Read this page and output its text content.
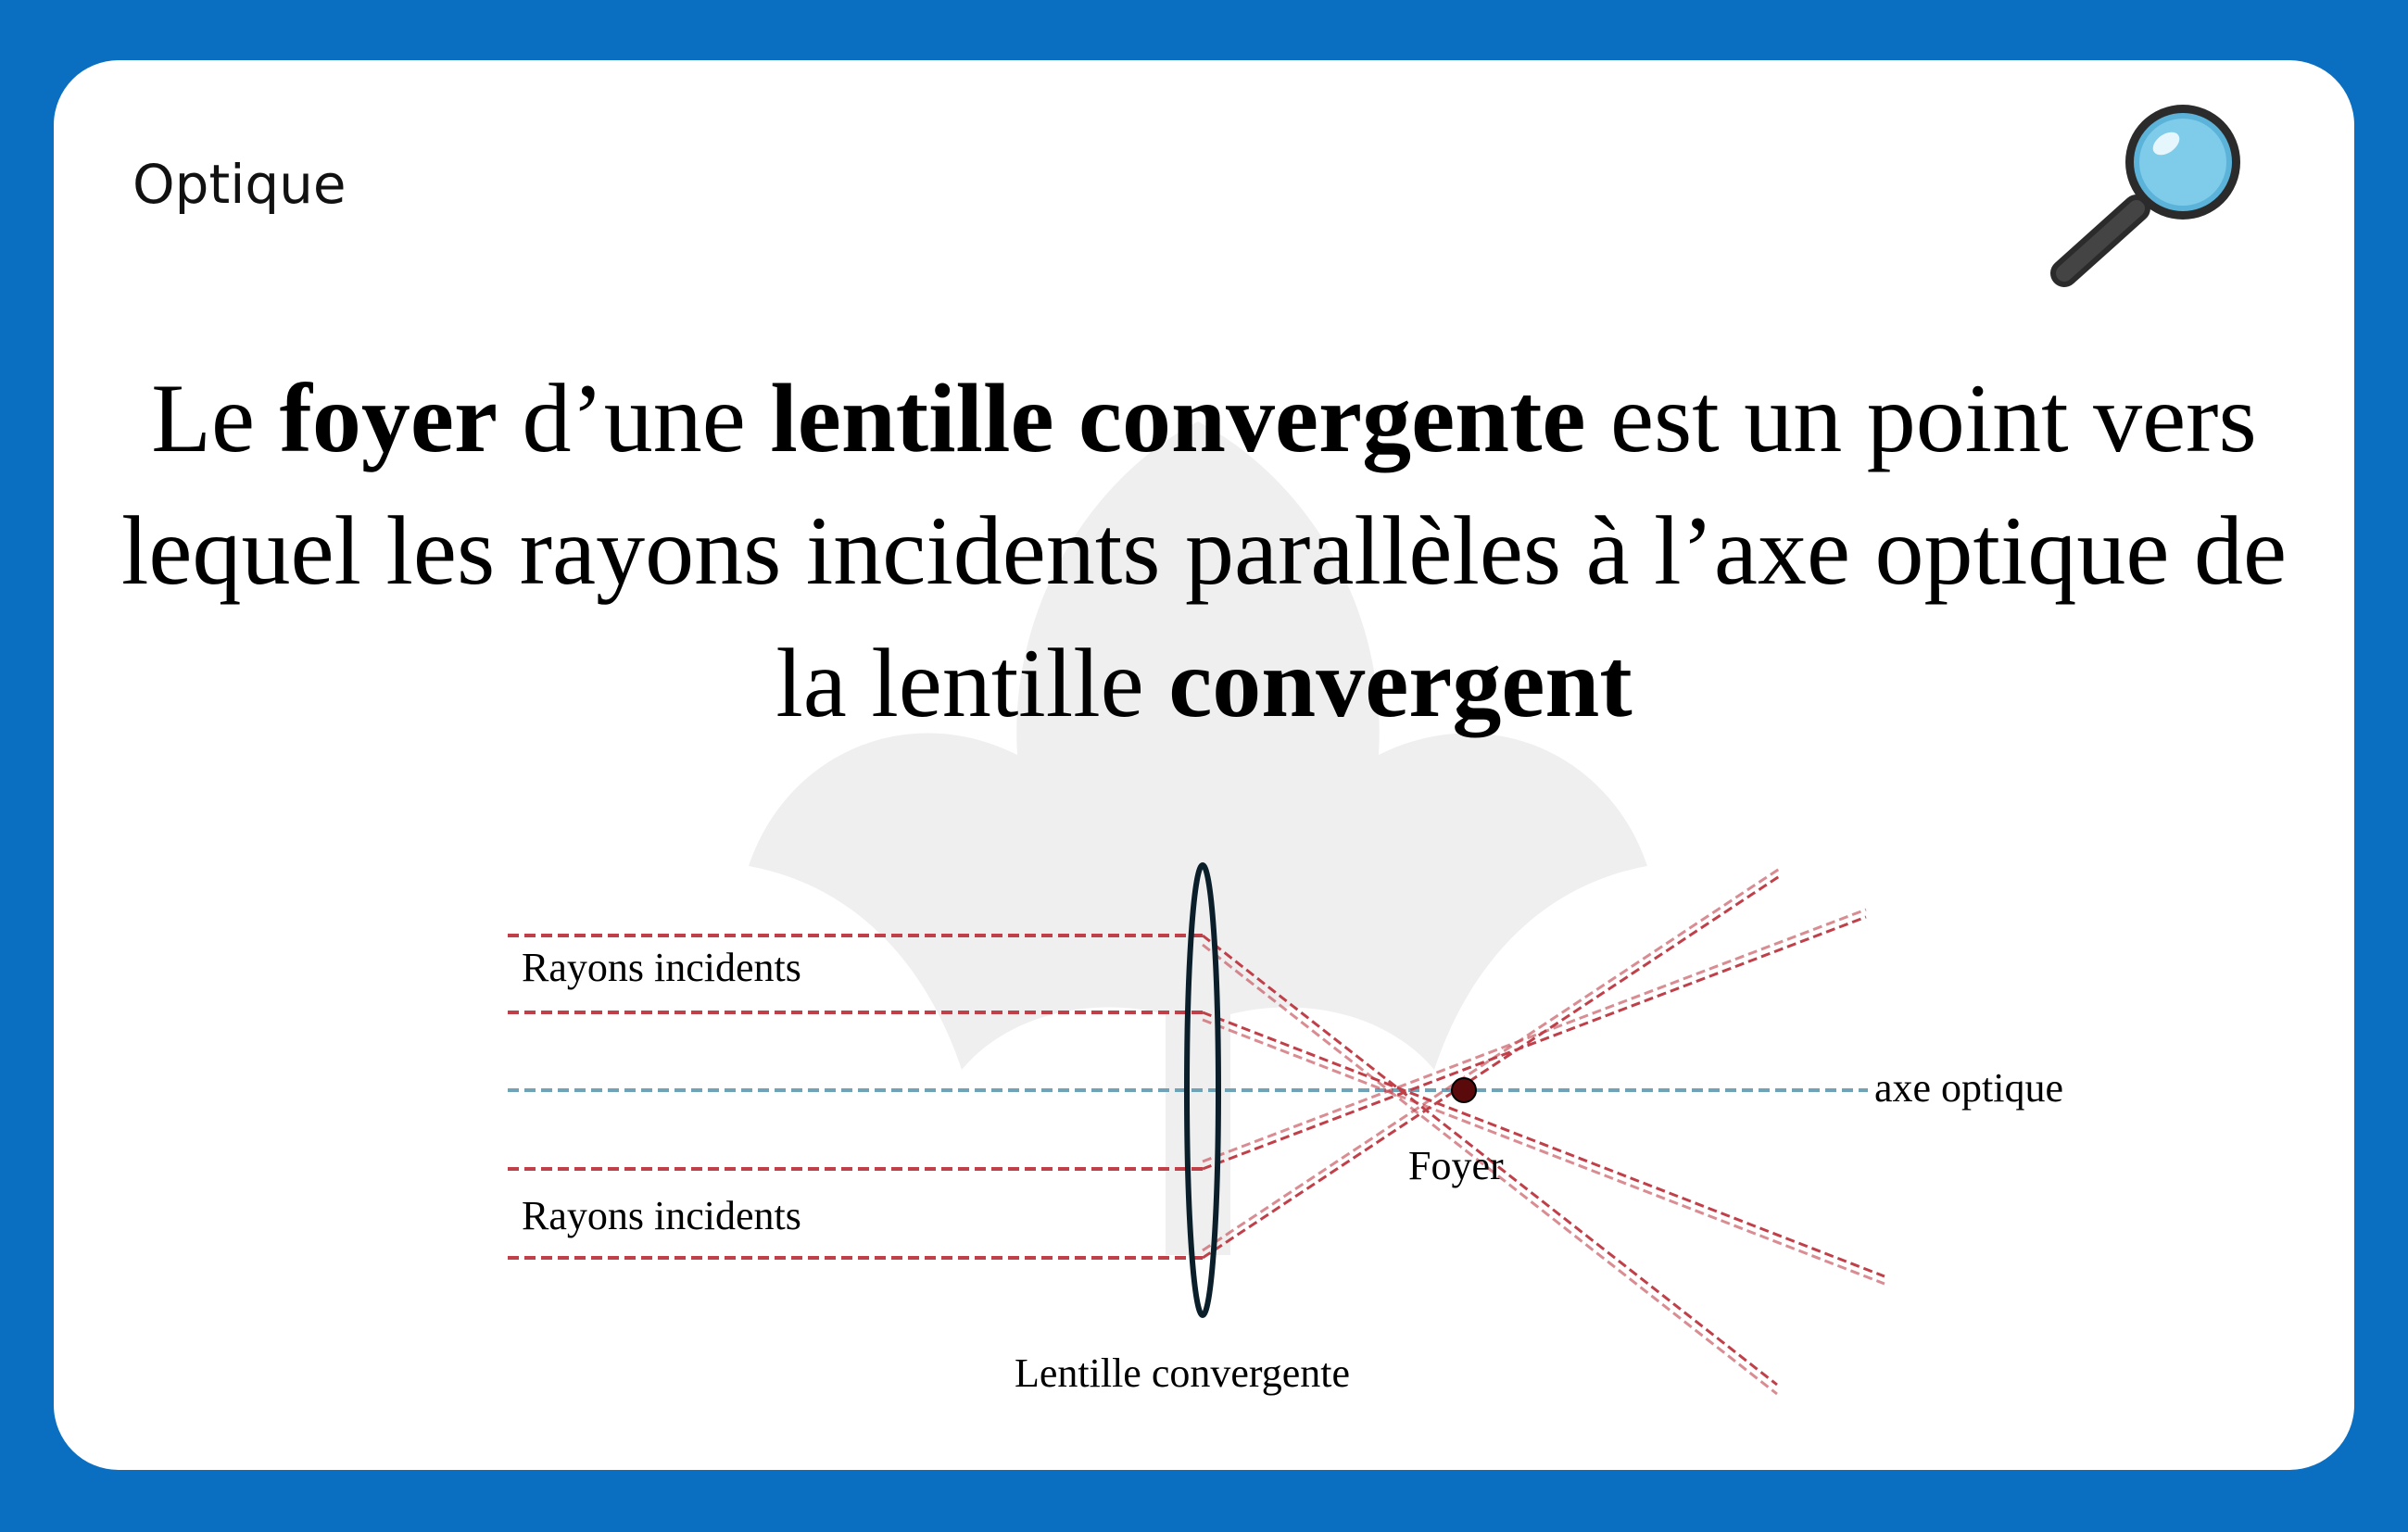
Optique
Le foyer d’une lentille convergente est un point vers lequel les rayons incidents parallèles à l’axe optique de la lentille convergent
Rayons incidents
Rayons incidents
axe optique
Foyer
Lentille convergente
